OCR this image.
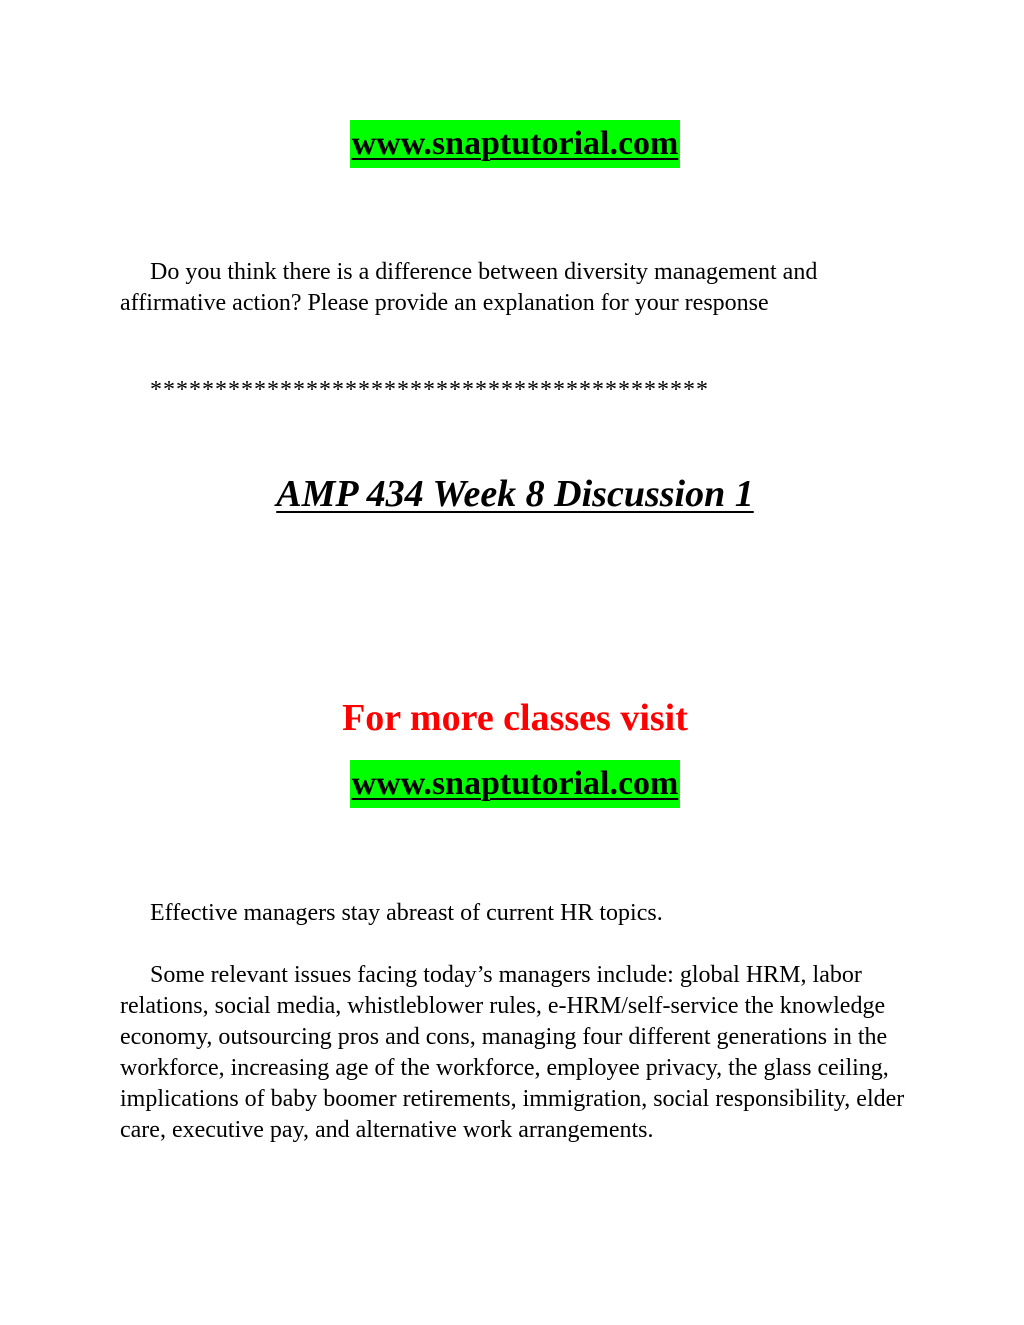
www.snaptutorial.com

Do you think there is a difference between diversity management and affirmative action? Please provide an explanation for your response

*******************************************
AMP 434 Week 8 Discussion 1
For more classes visit
www.snaptutorial.com

Effective managers stay abreast of current HR topics.

Some relevant issues facing today’s managers include: global HRM, labor relations, social media, whistleblower rules, e-HRM/self-service the knowledge economy, outsourcing pros and cons, managing four different generations in the workforce, increasing age of the workforce, employee privacy, the glass ceiling, implications of baby boomer retirements, immigration, social responsibility, elder care, executive pay, and alternative work arrangements.
